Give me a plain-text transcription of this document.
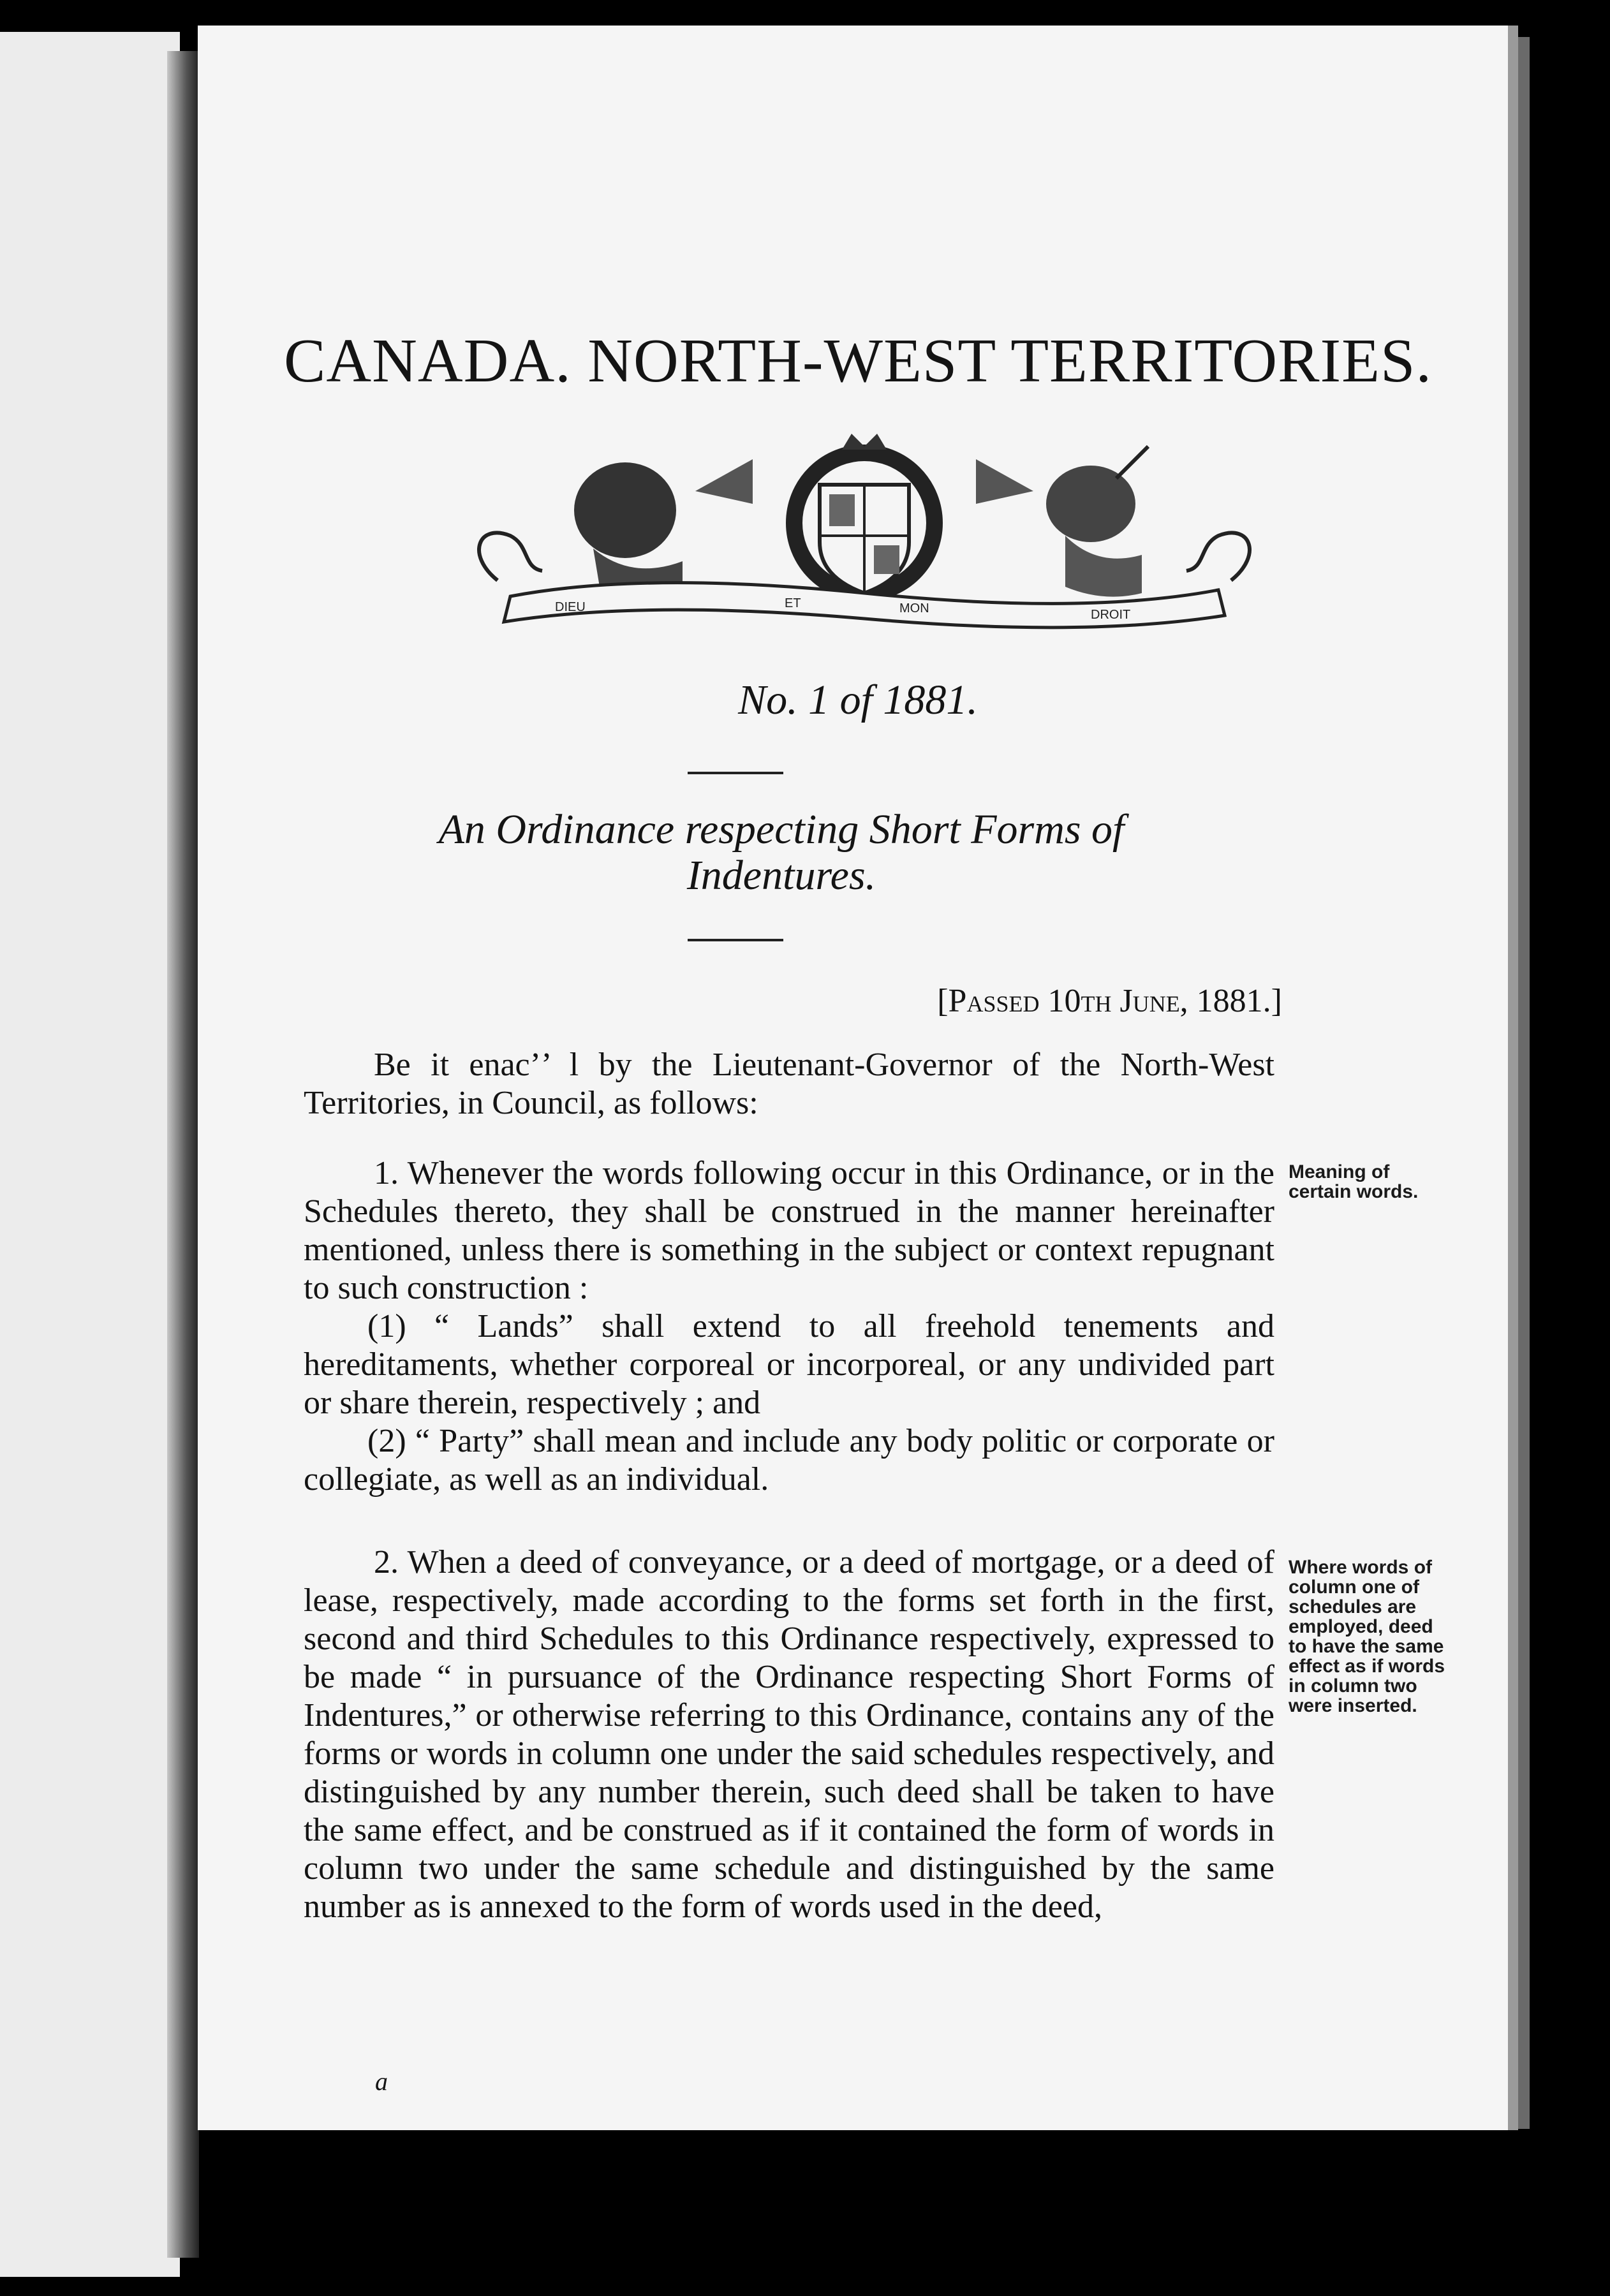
CANADA. NORTH-WEST TERRITORIES.
DIEU	ET	MON	DROIT
No. 1 of 1881.
An Ordinance respecting Short Forms of
Indentures.
[Passed 10th June, 1881.]

Be it enacʼ’ l by the Lieutenant-Governor of the North-West Territories, in Council, as follows:

1. Whenever the words following occur in this Ordinance, or in the Schedules thereto, they shall be construed in the manner hereinafter mentioned, unless there is something in the subject or context repugnant to such construction :

(1) “ Lands” shall extend to all freehold tenements and hereditaments, whether corporeal or incorporeal, or any undivided part or share therein, respectively ; and

(2) “ Party” shall mean and include any body politic or corporate or collegiate, as well as an individual.

Meaning of certain words.

2. When a deed of conveyance, or a deed of mortgage, or a deed of lease, respectively, made according to the forms set forth in the first, second and third Schedules to this Ordinance respectively, expressed to be made “ in pursuance of the Ordinance respecting Short Forms of Indentures,” or otherwise referring to this Ordinance, contains any of the forms or words in column one under the said schedules respectively, and distinguished by any number therein, such deed shall be taken to have the same effect, and be construed as if it contained the form of words in column two under the same schedule and distinguished by the same number as is annexed to the form of words used in the deed,

Where words of column one of schedules are employed, deed to have the same effect as if words in column two were inserted.
a
